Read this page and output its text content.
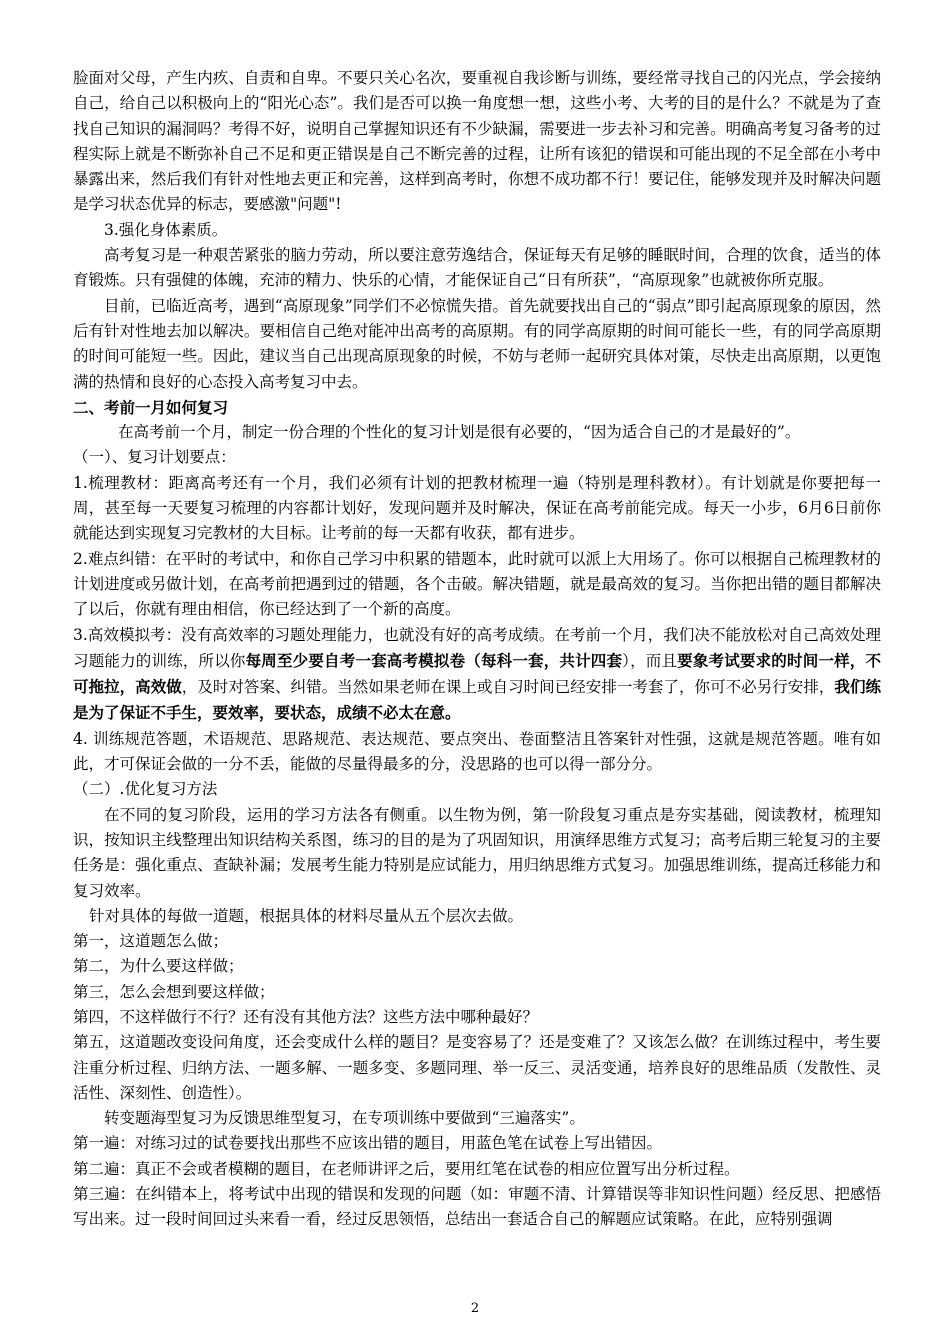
脸面对父母，产生内疚、自责和自卑。不要只关心名次，要重视自我诊断与训练，要经常寻找自己的闪光点，学会接纳自己，给自己以积极向上的“阳光心态”。我们是否可以换一角度想一想，这些小考、大考的目的是什么？不就是为了查找自己知识的漏洞吗？考得不好，说明自己掌握知识还有不少缺漏，需要进一步去补习和完善。明确高考复习备考的过程实际上就是不断弥补自己不足和更正错误是自己不断完善的过程，让所有该犯的错误和可能出现的不足全部在小考中暴露出来，然后我们有针对性地去更正和完善，这样到高考时，你想不成功都不行！要记住，能够发现并及时解决问题是学习状态优异的标志，要感激"问题"!

3.强化身体素质。

高考复习是一种艰苦紧张的脑力劳动，所以要注意劳逸结合，保证每天有足够的睡眠时间，合理的饮食，适当的体育锻炼。只有强健的体魄，充沛的精力、快乐的心情，才能保证自己“日有所获”，“高原现象”也就被你所克服。

目前，已临近高考，遇到“高原现象”同学们不必惊慌失措。首先就要找出自己的“弱点”即引起高原现象的原因，然后有针对性地去加以解决。要相信自己绝对能冲出高考的高原期。有的同学高原期的时间可能长一些，有的同学高原期的时间可能短一些。因此，建议当自己出现高原现象的时候，不妨与老师一起研究具体对策，尽快走出高原期，以更饱满的热情和良好的心态投入高考复习中去。

二、考前一月如何复习

在高考前一个月，制定一份合理的个性化的复习计划是很有必要的，“因为适合自己的才是最好的”。

（一）、复习计划要点：

1.梳理教材：距离高考还有一个月，我们必须有计划的把教材梳理一遍（特别是理科教材）。有计划就是你要把每一周，甚至每一天要复习梳理的内容都计划好，发现问题并及时解决，保证在高考前能完成。每天一小步，6月6日前你就能达到实现复习完教材的大目标。让考前的每一天都有收获，都有进步。

2.难点纠错：在平时的考试中，和你自己学习中积累的错题本，此时就可以派上大用场了。你可以根据自己梳理教材的计划进度或另做计划，在高考前把遇到过的错题，各个击破。解决错题，就是最高效的复习。当你把出错的题目都解决了以后，你就有理由相信，你已经达到了一个新的高度。

3.高效模拟考：没有高效率的习题处理能力，也就没有好的高考成绩。在考前一个月，我们决不能放松对自己高效处理习题能力的训练，所以你每周至少要自考一套高考模拟卷（每科一套，共计四套），而且要象考试要求的时间一样，不可拖拉，高效做，及时对答案、纠错。当然如果老师在课上或自习时间已经安排一考套了，你可不必另行安排，我们练是为了保证不手生，要效率，要状态，成绩不必太在意。

4. 训练规范答题，术语规范、思路规范、表达规范、要点突出、卷面整洁且答案针对性强，这就是规范答题。唯有如此，才可保证会做的一分不丢，能做的尽量得最多的分，没思路的也可以得一部分分。

（二）.优化复习方法

在不同的复习阶段，运用的学习方法各有侧重。以生物为例，第一阶段复习重点是夯实基础，阅读教材，梳理知识，按知识主线整理出知识结构关系图，练习的目的是为了巩固知识，用演绎思维方式复习；高考后期三轮复习的主要任务是：强化重点、查缺补漏；发展考生能力特别是应试能力，用归纳思维方式复习。加强思维训练，提高迁移能力和复习效率。

针对具体的每做一道题，根据具体的材料尽量从五个层次去做。

第一，这道题怎么做；

第二，为什么要这样做；

第三，怎么会想到要这样做；

第四，不这样做行不行？还有没有其他方法？这些方法中哪种最好？

第五，这道题改变设问角度，还会变成什么样的题目？是变容易了？还是变难了？又该怎么做？在训练过程中，考生要注重分析过程、归纳方法、一题多解、一题多变、多题同理、举一反三、灵活变通，培养良好的思维品质（发散性、灵活性、深刻性、创造性）。

转变题海型复习为反馈思维型复习，在专项训练中要做到“三遍落实”。

第一遍：对练习过的试卷要找出那些不应该出错的题目，用蓝色笔在试卷上写出错因。

第二遍：真正不会或者模糊的题目，在老师讲评之后，要用红笔在试卷的相应位置写出分析过程。

第三遍：在纠错本上，将考试中出现的错误和发现的问题（如：审题不清、计算错误等非知识性问题）经反思、把感悟写出来。过一段时间回过头来看一看，经过反思领悟，总结出一套适合自己的解题应试策略。在此，应特别强调

2
